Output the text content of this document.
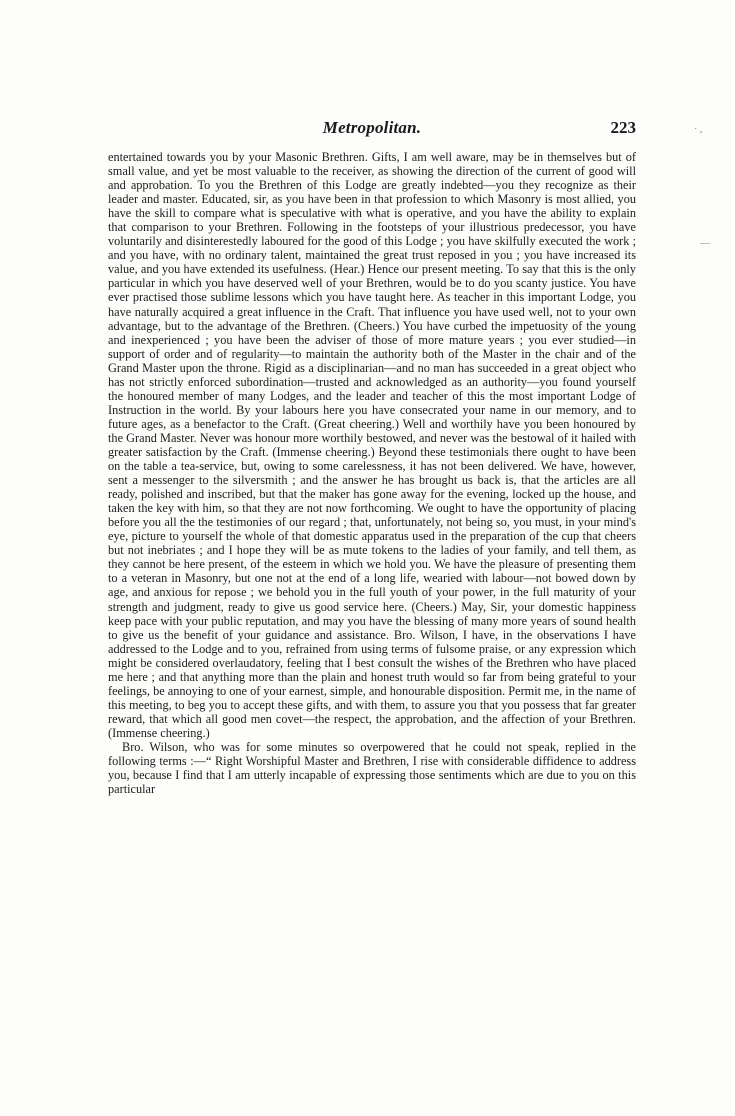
Metropolitan.	223	· ,
—

entertained towards you by your Masonic Brethren. Gifts, I am well aware, may be in themselves but of small value, and yet be most valuable to the receiver, as showing the direction of the current of good will and approbation. To you the Brethren of this Lodge are greatly indebted—you they recognize as their leader and master. Educated, sir, as you have been in that profession to which Masonry is most allied, you have the skill to compare what is speculative with what is operative, and you have the ability to explain that comparison to your Brethren. Following in the footsteps of your illustrious predecessor, you have voluntarily and disinterestedly laboured for the good of this Lodge ; you have skilfully executed the work ; and you have, with no ordinary talent, maintained the great trust reposed in you ; you have increased its value, and you have extended its usefulness. (Hear.) Hence our present meeting. To say that this is the only particular in which you have deserved well of your Brethren, would be to do you scanty justice. You have ever practised those sublime lessons which you have taught here. As teacher in this important Lodge, you have naturally acquired a great influence in the Craft. That influence you have used well, not to your own advantage, but to the advantage of the Brethren. (Cheers.) You have curbed the impetuosity of the young and inexperienced ; you have been the adviser of those of more mature years ; you ever studied—in support of order and of regularity—to maintain the authority both of the Master in the chair and of the Grand Master upon the throne. Rigid as a disciplinarian—and no man has succeeded in a great object who has not strictly enforced subordination—trusted and acknowledged as an authority—you found yourself the honoured member of many Lodges, and the leader and teacher of this the most important Lodge of Instruction in the world. By your labours here you have consecrated your name in our memory, and to future ages, as a benefactor to the Craft. (Great cheering.) Well and worthily have you been honoured by the Grand Master. Never was honour more worthily bestowed, and never was the bestowal of it hailed with greater satisfaction by the Craft. (Immense cheering.) Beyond these testimonials there ought to have been on the table a tea-service, but, owing to some carelessness, it has not been delivered. We have, however, sent a messenger to the silversmith ; and the answer he has brought us back is, that the articles are all ready, polished and inscribed, but that the maker has gone away for the evening, locked up the house, and taken the key with him, so that they are not now forthcoming. We ought to have the opportunity of placing before you all the the testimonies of our regard ; that, unfortunately, not being so, you must, in your mind's eye, picture to yourself the whole of that domestic apparatus used in the preparation of the cup that cheers but not inebriates ; and I hope they will be as mute tokens to the ladies of your family, and tell them, as they cannot be here present, of the esteem in which we hold you. We have the pleasure of presenting them to a veteran in Masonry, but one not at the end of a long life, wearied with labour—not bowed down by age, and anxious for repose ; we behold you in the full youth of your power, in the full maturity of your strength and judgment, ready to give us good service here. (Cheers.) May, Sir, your domestic happiness keep pace with your public reputation, and may you have the blessing of many more years of sound health to give us the benefit of your guidance and assistance. Bro. Wilson, I have, in the observations I have addressed to the Lodge and to you, refrained from using terms of fulsome praise, or any expression which might be considered overlaudatory, feeling that I best consult the wishes of the Brethren who have placed me here ; and that anything more than the plain and honest truth would so far from being grateful to your feelings, be annoying to one of your earnest, simple, and honourable disposition. Permit me, in the name of this meeting, to beg you to accept these gifts, and with them, to assure you that you possess that far greater reward, that which all good men covet—the respect, the approbation, and the affection of your Brethren. (Immense cheering.)

Bro. Wilson, who was for some minutes so overpowered that he could not speak, replied in the following terms :—“ Right Worshipful Master and Brethren, I rise with considerable diffidence to address you, because I find that I am utterly incapable of expressing those sentiments which are due to you on this particular
